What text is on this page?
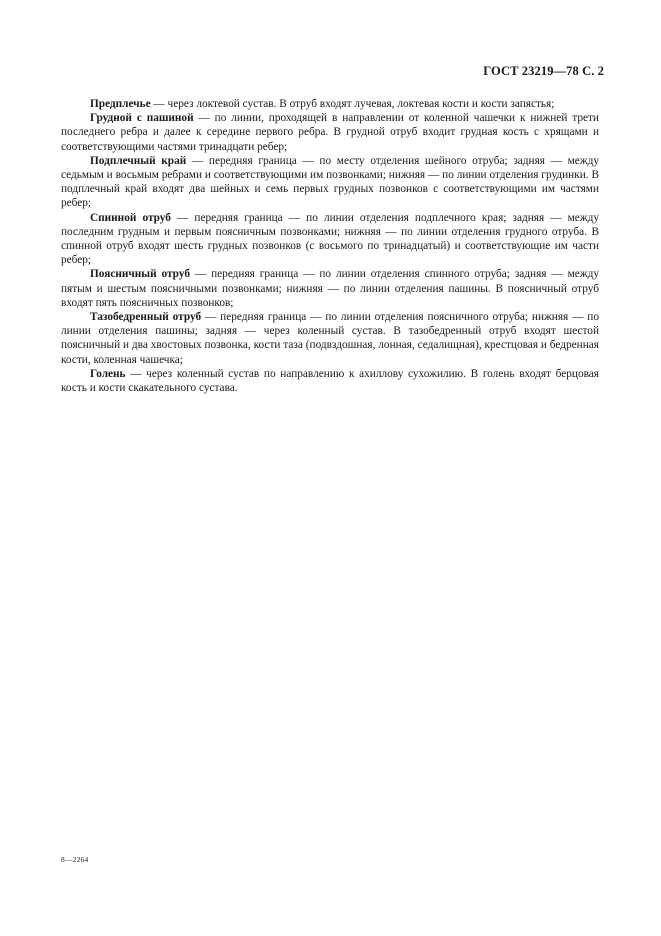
ГОСТ 23219—78 С. 2

Предплечье — через локтевой сустав. В отруб входят лучевая, локтевая кости и кости запястья;

Грудной с пашиной — по линии, проходящей в направлении от коленной чашечки к нижней трети последнего ребра и далее к середине первого ребра. В грудной отруб входит грудная кость с хрящами и соответствующими частями тринадцати ребер;

Подплечный край — передняя граница — по месту отделения шейного отруба; задняя — между седьмым и восьмым ребрами и соответствующими им позвонками; нижняя — по линии отделения грудинки. В подплечный край входят два шейных и семь первых грудных позвонков с соответствующими им частями ребер;

Спинной отруб — передняя граница — по линии отделения подплечного края; задняя — между последним грудным и первым поясничным позвонками; нижняя — по линии отделения грудного отруба. В спинной отруб входят шесть грудных позвонков (с восьмого по тринадцатый) и соответствующие им части ребер;

Поясничный отруб — передняя граница — по линии отделения спинного отруба; задняя — между пятым и шестым поясничными позвонками; нижняя — по линии отделения пашины. В поясничный отруб входят пять поясничных позвонков;

Тазобедренный отруб — передняя граница — по линии отделения поясничного отруба; нижняя — по линии отделения пашины; задняя — через коленный сустав. В тазобедренный отруб входят шестой поясничный и два хвостовых позвонка, кости таза (подвздошная, лонная, седалищная), крестцовая и бедренная кости, коленная чашечка;

Голень — через коленный сустав по направлению к ахиллову сухожилию. В голень входят берцовая кость и кости скакательного сустава.

8—2264
